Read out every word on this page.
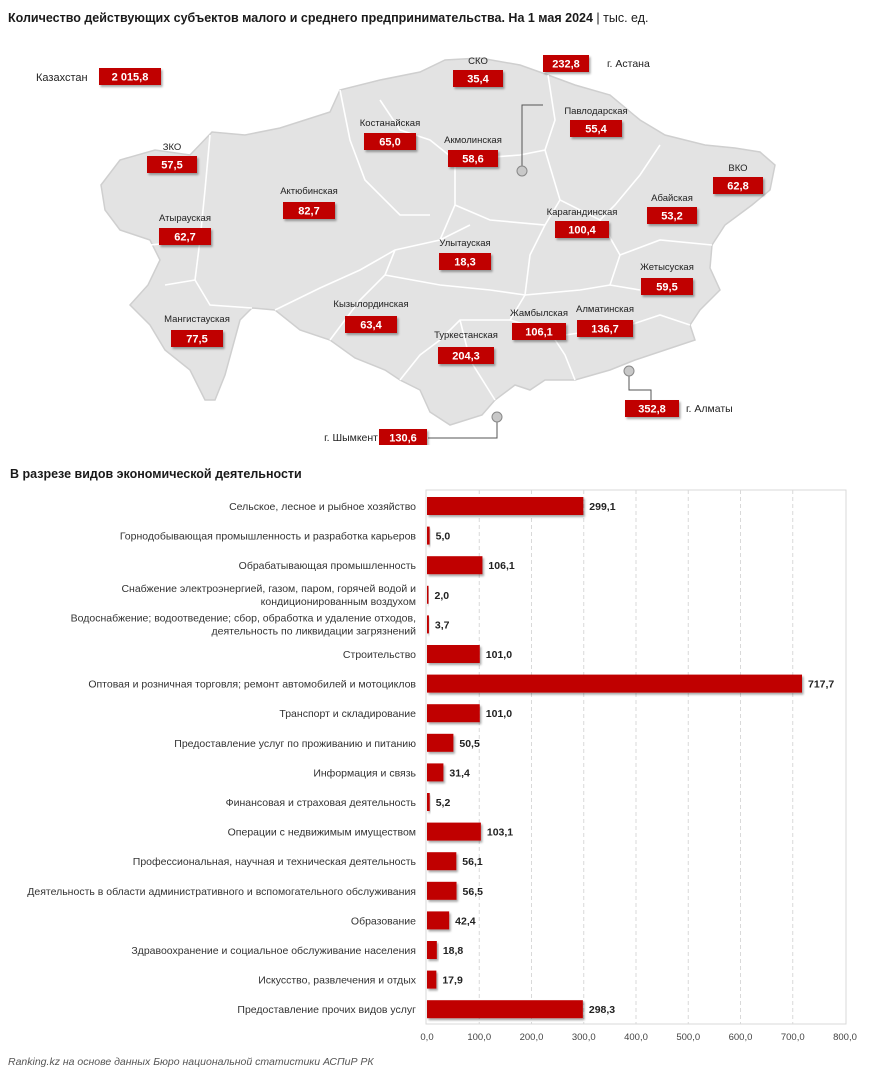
Количество действующих субъектов малого и среднего предпринимательства. На 1 мая 2024 | тыс. ед.
Казахстан 2 015,8
СКО
35,4
Костанайская
65,0	Акмолинская
58,6
Павлодарская
55,4
ЗКО
57,5	ВКО
62,8
Актюбинская
82,7
Абайская
53,2
Атырауская
62,7
Карагандинская
100,4
Улытауская
18,3	Жетысуская
59,5
Мангистауская
77,5
Кызылординская
63,4
Жамбылская
106,1
Алматинская
136,7
Туркестанская
204,3
232,8	г. Астана
352,8 г. Алматы
130,6
г. Шымкент
В разрезе видов экономической деятельности
Сельское, лесное и рыбное хозяйство	299,1
Горнодобывающая промышленность и разработка карьеров 5,0
Обрабатывающая промышленность	106,1
Снабжение электроэнергией, газом, паром, горячей водой и
кондиционированным воздухом 2,0
Водоснабжение; водоотведение; сбор, обработка и удаление отходов,
деятельность по ликвидации загрязнений 3,7
Строительство	101,0
Оптовая и розничная торговля; ремонт автомобилей и мотоциклов	717,7
Транспорт и складирование	101,0
Предоставление услуг по проживанию и питанию	50,5
Информация и связь	31,4
Финансовая и страховая деятельность 5,2
Операции с недвижимым имуществом	103,1
Профессиональная, научная и техническая деятельность	56,1
Деятельность в области административного и вспомогательного обслуживания	56,5
Образование	42,4
Здравоохранение и социальное обслуживание населения	18,8
Искусство, развлечения и отдых	17,9
Предоставление прочих видов услуг	298,3
0,0	100,0	200,0	300,0	400,0	500,0	600,0	700,0	800,0
Ranking.kz на основе данных Бюро национальной статистики АСПиР РК
